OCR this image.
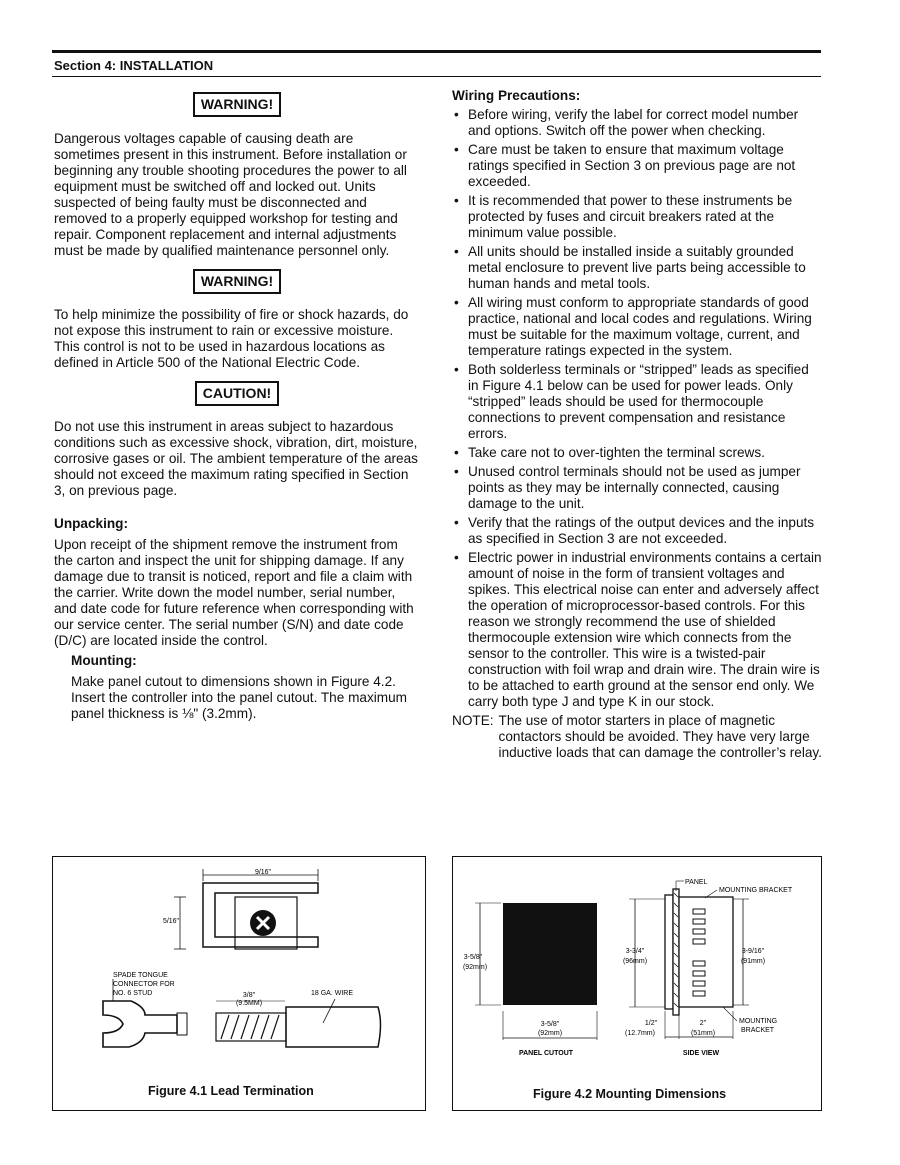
Section 4: INSTALLATION
WARNING!

Dangerous voltages capable of causing death are sometimes present in this instrument. Before installation or beginning any trouble shooting procedures the power to all equipment must be switched off and locked out. Units suspected of being faulty must be disconnected and removed to a properly equipped workshop for testing and repair. Component replacement and internal adjustments must be made by qualified maintenance personnel only.

WARNING!

To help minimize the possibility of fire or shock hazards, do not expose this instrument to rain or excessive moisture. This control is not to be used in hazardous locations as defined in Article 500 of the National Electric Code.

CAUTION!

Do not use this instrument in areas subject to hazardous conditions such as excessive shock, vibration, dirt, moisture, corrosive gases or oil. The ambient temperature of the areas should not exceed the maximum rating specified in Section 3, on previous page.

Unpacking:

Upon receipt of the shipment remove the instrument from the carton and inspect the unit for shipping damage. If any damage due to transit is noticed, report and file a claim with the carrier. Write down the model number, serial number, and date code for future reference when corresponding with our service center. The serial number (S/N) and date code (D/C) are located inside the control.

Mounting:

Make panel cutout to dimensions shown in Figure 4.2. Insert the controller into the panel cutout. The maximum panel thickness is ⅛" (3.2mm).

Wiring Precautions:

• Before wiring, verify the label for correct model number and options. Switch off the power when checking.
• Care must be taken to ensure that maximum voltage ratings specified in Section 3 on previous page are not exceeded.
• It is recommended that power to these instruments be protected by fuses and circuit breakers rated at the minimum value possible.
• All units should be installed inside a suitably grounded metal enclosure to prevent live parts being accessible to human hands and metal tools.
• All wiring must conform to appropriate standards of good practice, national and local codes and regulations. Wiring must be suitable for the maximum voltage, current, and temperature ratings expected in the system.
• Both solderless terminals or “stripped” leads as specified in Figure 4.1 below can be used for power leads. Only “stripped” leads should be used for thermocouple connections to prevent compensation and resistance errors.
• Take care not to over-tighten the terminal screws.
• Unused control terminals should not be used as jumper points as they may be internally connected, causing damage to the unit.
• Verify that the ratings of the output devices and the inputs as specified in Section 3 are not exceeded.
• Electric power in industrial environments contains a certain amount of noise in the form of transient voltages and spikes. This electrical noise can enter and adversely affect the operation of microprocessor-based controls. For this reason we strongly recommend the use of shielded thermocouple extension wire which connects from the sensor to the controller. This wire is a twisted-pair construction with foil wrap and drain wire. The drain wire is to be attached to earth ground at the sensor end only. We carry both type J and type K in our stock.
NOTE: The use of motor starters in place of magnetic contactors should be avoided. They have very large inductive loads that can damage the controller’s relay.
9/16"
5/16"
SPADE TONGUE
CONNECTOR FOR
NO. 6 STUD	3/8"
(9.5MM)
18 GA. WIRE
Figure 4.1 Lead Termination
3-5/8"
(92mm)
3-5/8"
(92mm)
PANEL CUTOUT
3-3/4"
(96mm)
PANEL
MOUNTING BRACKET
3-9/16"
(91mm)
MOUNTING
BRACKET
1/2"
(12.7mm)
2"
(51mm)
SIDE VIEW
Figure 4.2 Mounting Dimensions
